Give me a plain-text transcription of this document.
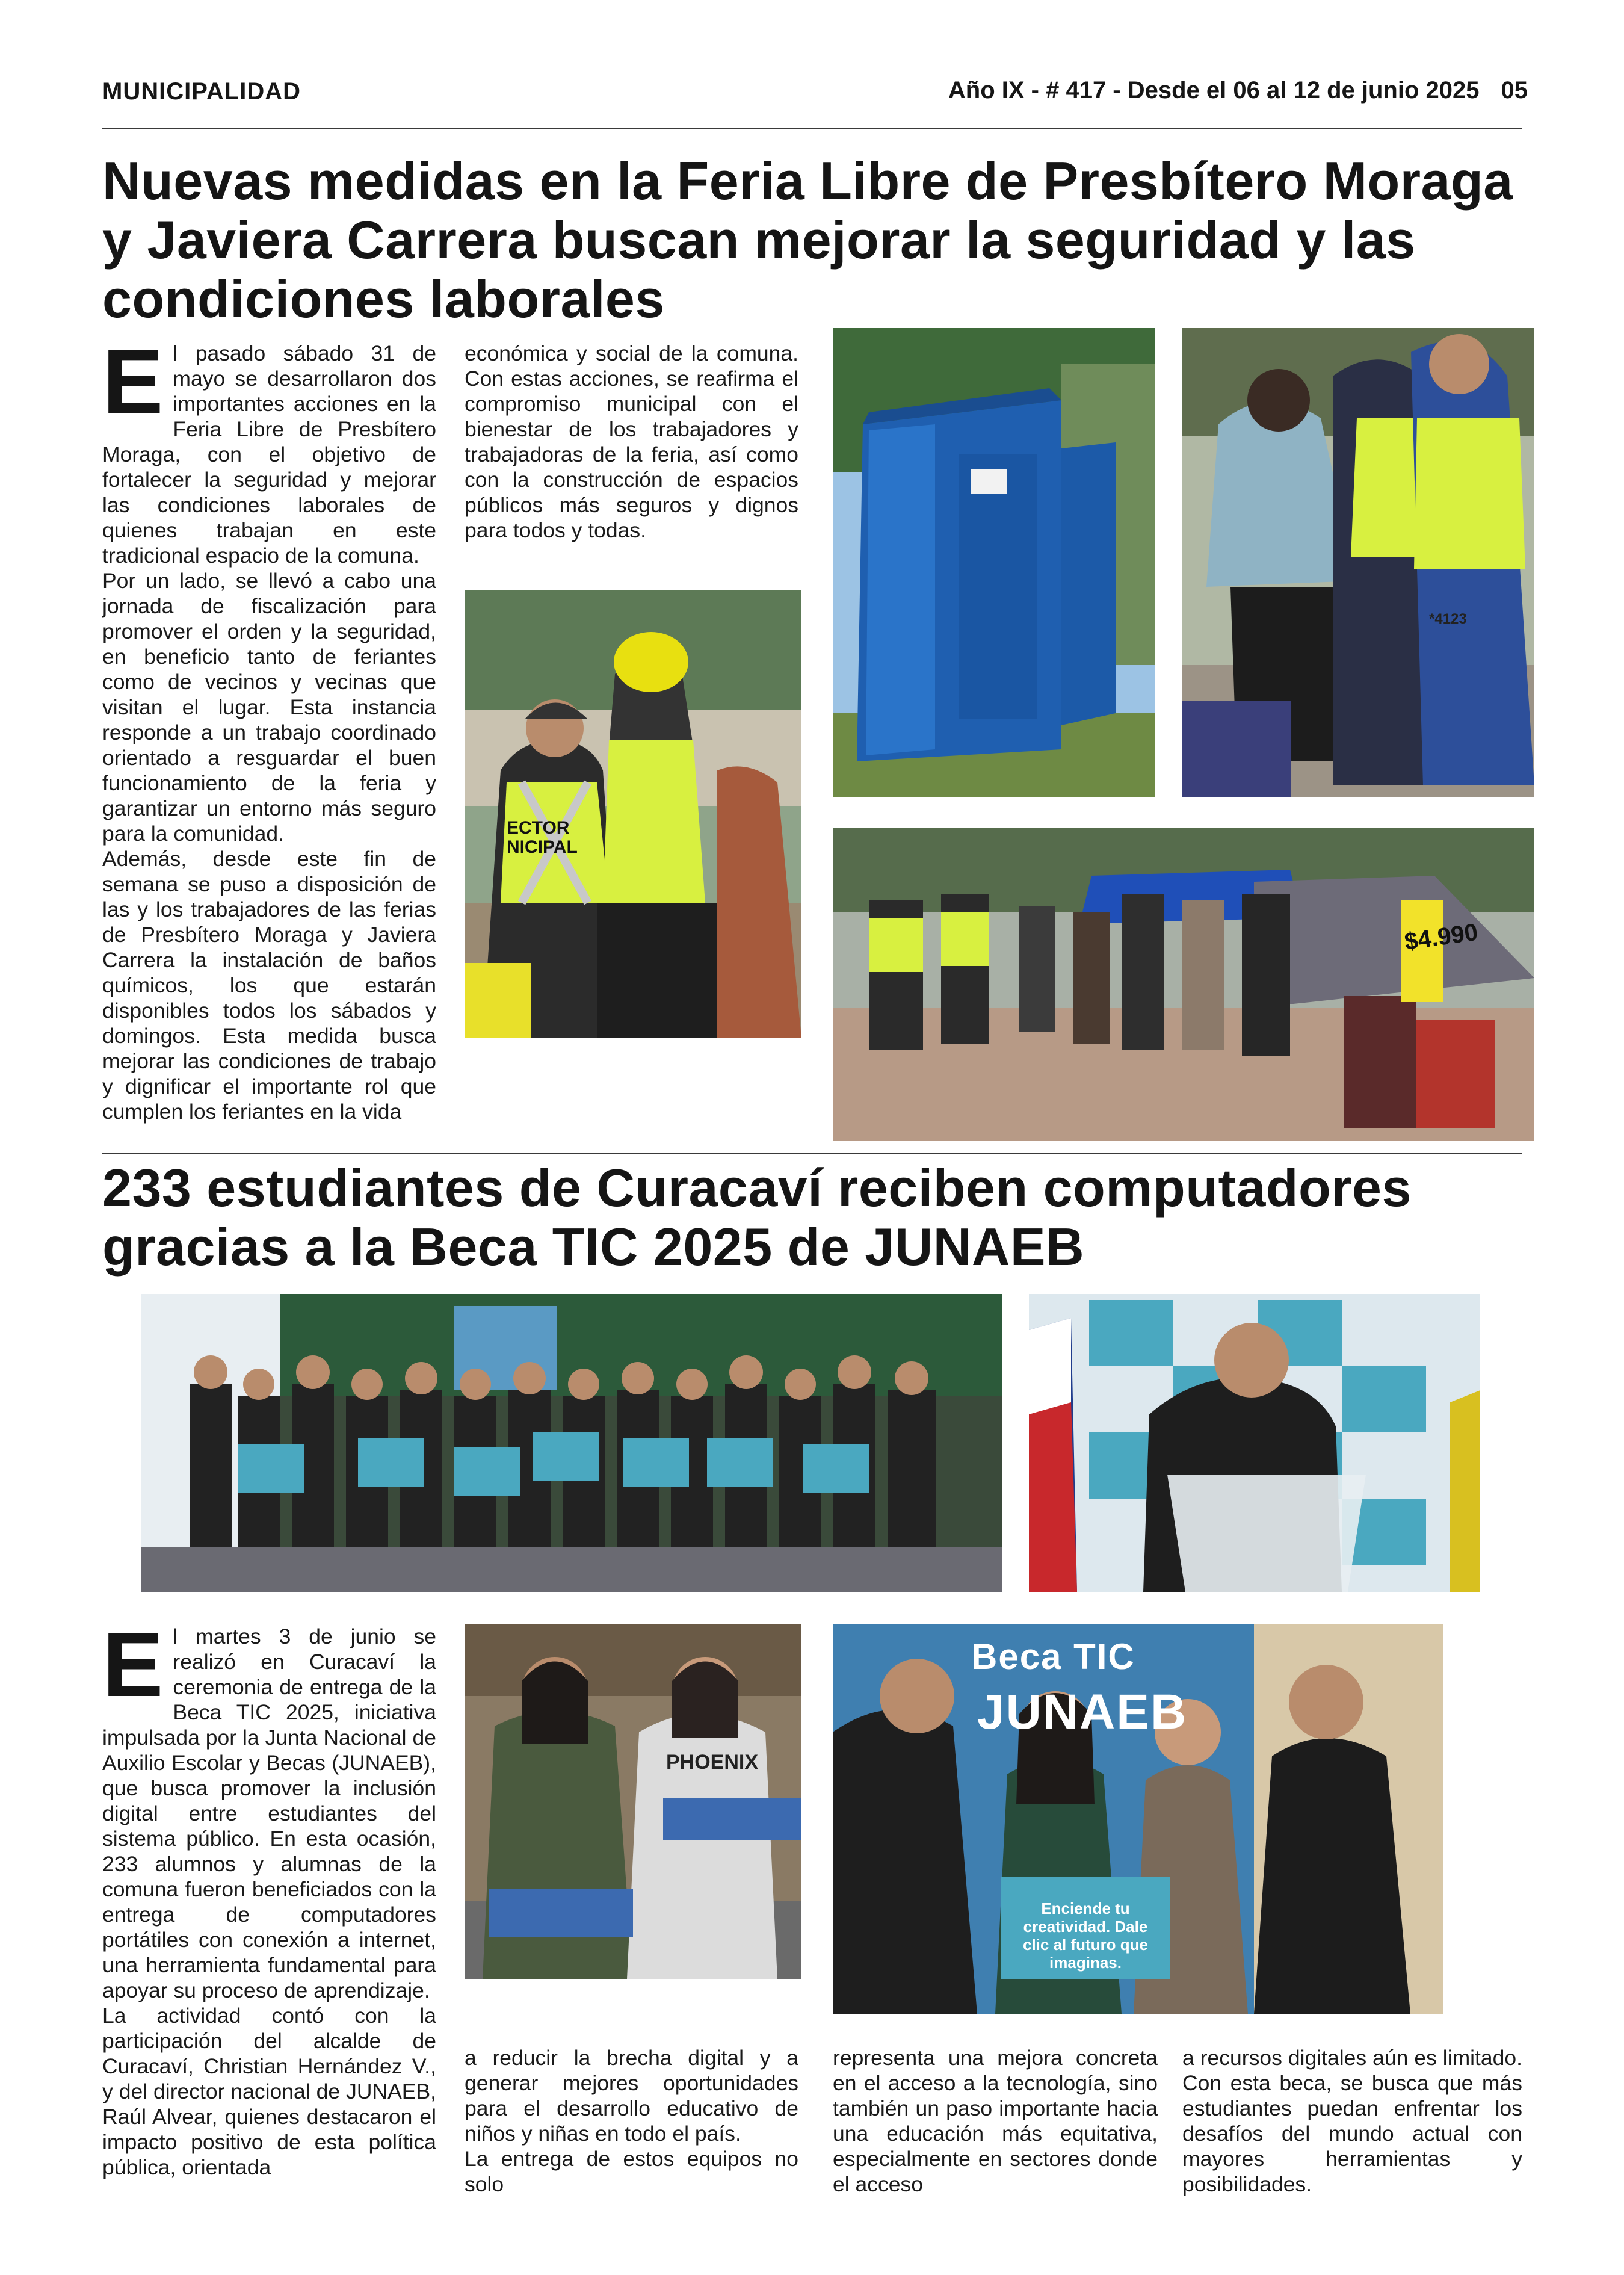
MUNICIPALIDAD	Año IX - # 417 - Desde el 06 al 12 de junio 2025 05
Nuevas medidas en la Feria Libre de Presbítero Moraga y Javiera Carrera buscan mejorar la seguridad y las condiciones laborales

El pasado sábado 31 de mayo se desarrollaron dos importantes acciones en la Feria Libre de Presbítero Moraga, con el objetivo de fortalecer la seguridad y mejorar las condiciones laborales de quienes trabajan en este tradicional espacio de la comuna.

Por un lado, se llevó a cabo una jornada de fiscalización para promover el orden y la seguridad, en beneficio tanto de feriantes como de vecinos y vecinas que visitan el lugar. Esta instancia responde a un trabajo coordinado orientado a resguardar el buen funcionamiento de la feria y garantizar un entorno más seguro para la comunidad.

Además, desde este fin de semana se puso a disposición de las y los trabajadores de las ferias de Presbítero Moraga y Javiera Carrera la instalación de baños químicos, los que estarán disponibles todos los sábados y domingos. Esta medida busca mejorar las condiciones de trabajo y dignificar el importante rol que cumplen los feriantes en la vida

económica y social de la comuna. Con estas acciones, se reafirma el compromiso municipal con el bienestar de los trabajadores y trabajadoras de la feria, así como con la construcción de espacios públicos más seguros y dignos para todos y todas.

ECTOR NICIPAL
*4123
$4.990
233 estudiantes de Curacaví reciben computadores gracias a la Beca TIC 2025 de JUNAEB

El martes 3 de junio se realizó en Curacaví la ceremonia de entrega de la Beca TIC 2025, iniciativa impulsada por la Junta Nacional de Auxilio Escolar y Becas (JUNAEB), que busca promover la inclusión digital entre estudiantes del sistema público. En esta ocasión, 233 alumnos y alumnas de la comuna fueron beneficiados con la entrega de computadores portátiles con conexión a internet, una herramienta fundamental para apoyar su proceso de aprendizaje.

La actividad contó con la participación del alcalde de Curacaví, Christian Hernández V., y del director nacional de JUNAEB, Raúl Alvear, quienes destacaron el impacto positivo de esta política pública, orientada

PHOENIX

a reducir la brecha digital y a generar mejores oportunidades para el desarrollo educativo de niños y niñas en todo el país.

La entrega de estos equipos no solo

Beca TIC
JUNAEB
Enciende tu creatividad. Dale clic al futuro que imaginas.

representa una mejora concreta en el acceso a la tecnología, sino también un paso importante hacia una educación más equitativa, especialmente en sectores donde el acceso

a recursos digitales aún es limitado. Con esta beca, se busca que más estudiantes puedan enfrentar los desafíos del mundo actual con mayores herramientas y posibilidades.
